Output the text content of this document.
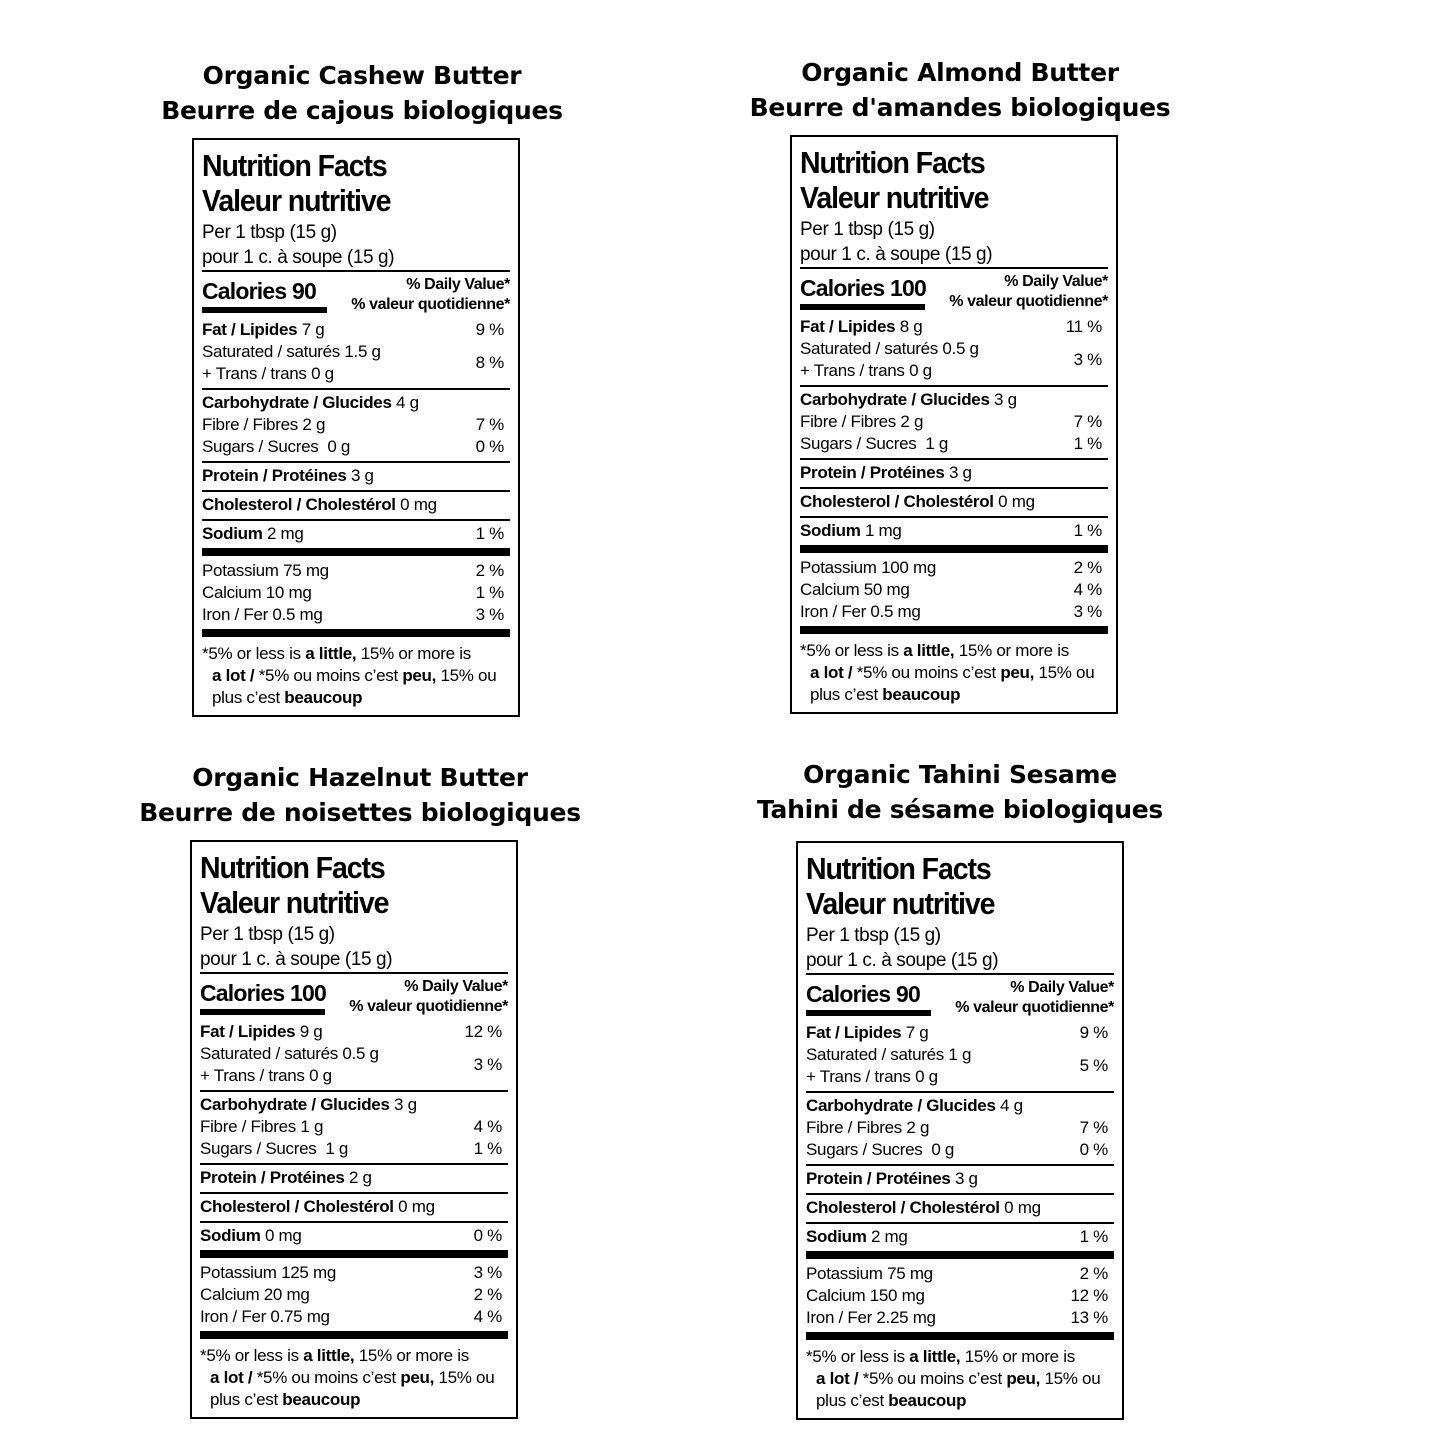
Organic Cashew Butter
Beurre de cajous biologiques
Nutrition Facts
Valeur nutritive
Per 1 tbsp (15 g)
pour 1 c. à soupe (15 g)
Calories 90	% Daily Value*
% valeur quotidienne*
Fat / Lipides 7 g	9 %
Saturated / saturés 1.5 g
+ Trans / trans 0 g
8 %
Carbohydrate / Glucides 4 g
Fibre / Fibres 2 g	7 %
Sugars / Sucres  0 g	0 %
Protein / Protéines 3 g
Cholesterol / Cholestérol 0 mg
Sodium 2 mg	1 %
Potassium 75 mg	2 %
Calcium 10 mg	1 %
Iron / Fer 0.5 mg	3 %
*5% or less is a little, 15% or more is
a lot / *5% ou moins c’est peu, 15% ou
plus c’est beaucoup
Organic Almond Butter
Beurre d'amandes biologiques
Nutrition Facts
Valeur nutritive
Per 1 tbsp (15 g)
pour 1 c. à soupe (15 g)
Calories 100	% Daily Value*
% valeur quotidienne*
Fat / Lipides 8 g	11 %
Saturated / saturés 0.5 g
+ Trans / trans 0 g
3 %
Carbohydrate / Glucides 3 g
Fibre / Fibres 2 g	7 %
Sugars / Sucres  1 g	1 %
Protein / Protéines 3 g
Cholesterol / Cholestérol 0 mg
Sodium 1 mg	1 %
Potassium 100 mg	2 %
Calcium 50 mg	4 %
Iron / Fer 0.5 mg	3 %
*5% or less is a little, 15% or more is
a lot / *5% ou moins c’est peu, 15% ou
plus c’est beaucoup
Organic Hazelnut Butter
Beurre de noisettes biologiques
Nutrition Facts
Valeur nutritive
Per 1 tbsp (15 g)
pour 1 c. à soupe (15 g)
Calories 100	% Daily Value*
% valeur quotidienne*
Fat / Lipides 9 g	12 %
Saturated / saturés 0.5 g
+ Trans / trans 0 g
3 %
Carbohydrate / Glucides 3 g
Fibre / Fibres 1 g	4 %
Sugars / Sucres  1 g	1 %
Protein / Protéines 2 g
Cholesterol / Cholestérol 0 mg
Sodium 0 mg	0 %
Potassium 125 mg	3 %
Calcium 20 mg	2 %
Iron / Fer 0.75 mg	4 %
*5% or less is a little, 15% or more is
a lot / *5% ou moins c’est peu, 15% ou
plus c’est beaucoup
Organic Tahini Sesame
Tahini de sésame biologiques
Nutrition Facts
Valeur nutritive
Per 1 tbsp (15 g)
pour 1 c. à soupe (15 g)
Calories 90	% Daily Value*
% valeur quotidienne*
Fat / Lipides 7 g	9 %
Saturated / saturés 1 g
+ Trans / trans 0 g
5 %
Carbohydrate / Glucides 4 g
Fibre / Fibres 2 g	7 %
Sugars / Sucres  0 g	0 %
Protein / Protéines 3 g
Cholesterol / Cholestérol 0 mg
Sodium 2 mg	1 %
Potassium 75 mg	2 %
Calcium 150 mg	12 %
Iron / Fer 2.25 mg	13 %
*5% or less is a little, 15% or more is
a lot / *5% ou moins c’est peu, 15% ou
plus c’est beaucoup
